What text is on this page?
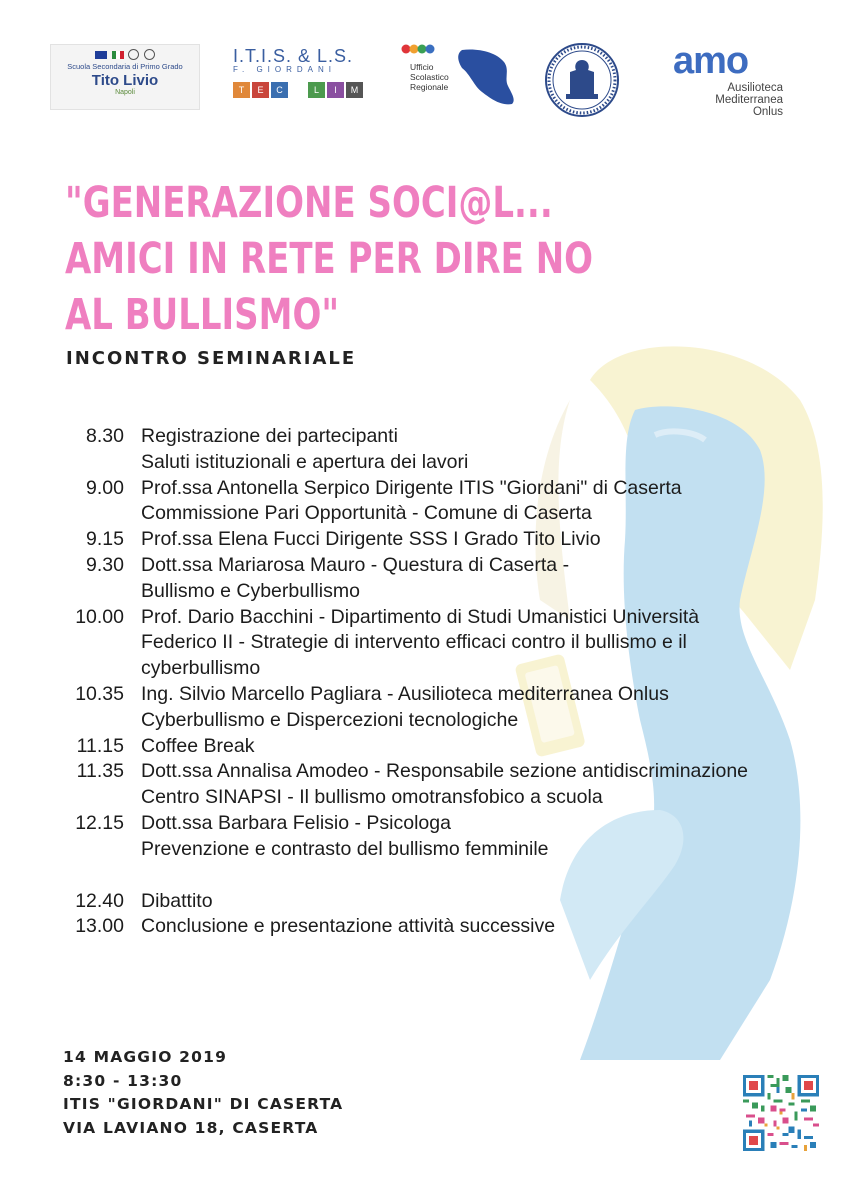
Scuola Secondaria di Primo Grado
Tito Livio
Napoli
I.T.I.S. & L.S.
F. GIORDANI
T E C	L I M
Ufficio
Scolastico
Regionale
amo
Ausilioteca
Mediterranea
Onlus
"GENERAZIONE SOCI@L...
AMICI IN RETE PER DIRE NO
AL BULLISMO"
INCONTRO SEMINARIALE
8.30 Registrazione dei partecipanti
Saluti istituzionali e apertura dei lavori
9.00 Prof.ssa Antonella Serpico Dirigente ITIS "Giordani" di Caserta
Commissione Pari Opportunità - Comune di Caserta
9.15 Prof.ssa Elena Fucci Dirigente SSS I Grado Tito Livio
9.30 Dott.ssa Mariarosa Mauro - Questura di Caserta -
Bullismo e Cyberbullismo
10.00 Prof. Dario Bacchini - Dipartimento di Studi Umanistici Università
Federico II - Strategie di intervento efficaci contro il bullismo e il
cyberbullismo
10.35 Ing. Silvio Marcello Pagliara - Ausilioteca mediterranea Onlus
Cyberbullismo e Dispercezioni tecnologiche
11.15 Coffee Break
11.35 Dott.ssa Annalisa Amodeo - Responsabile sezione antidiscriminazione
Centro SINAPSI - Il bullismo omotransfobico a scuola
12.15 Dott.ssa Barbara Felisio - Psicologa
Prevenzione e contrasto del bullismo femminile
12.40 Dibattito
13.00 Conclusione e presentazione attività successive
14 MAGGIO 2019
8:30 - 13:30
ITIS "GIORDANI" DI CASERTA
VIA LAVIANO 18, CASERTA
